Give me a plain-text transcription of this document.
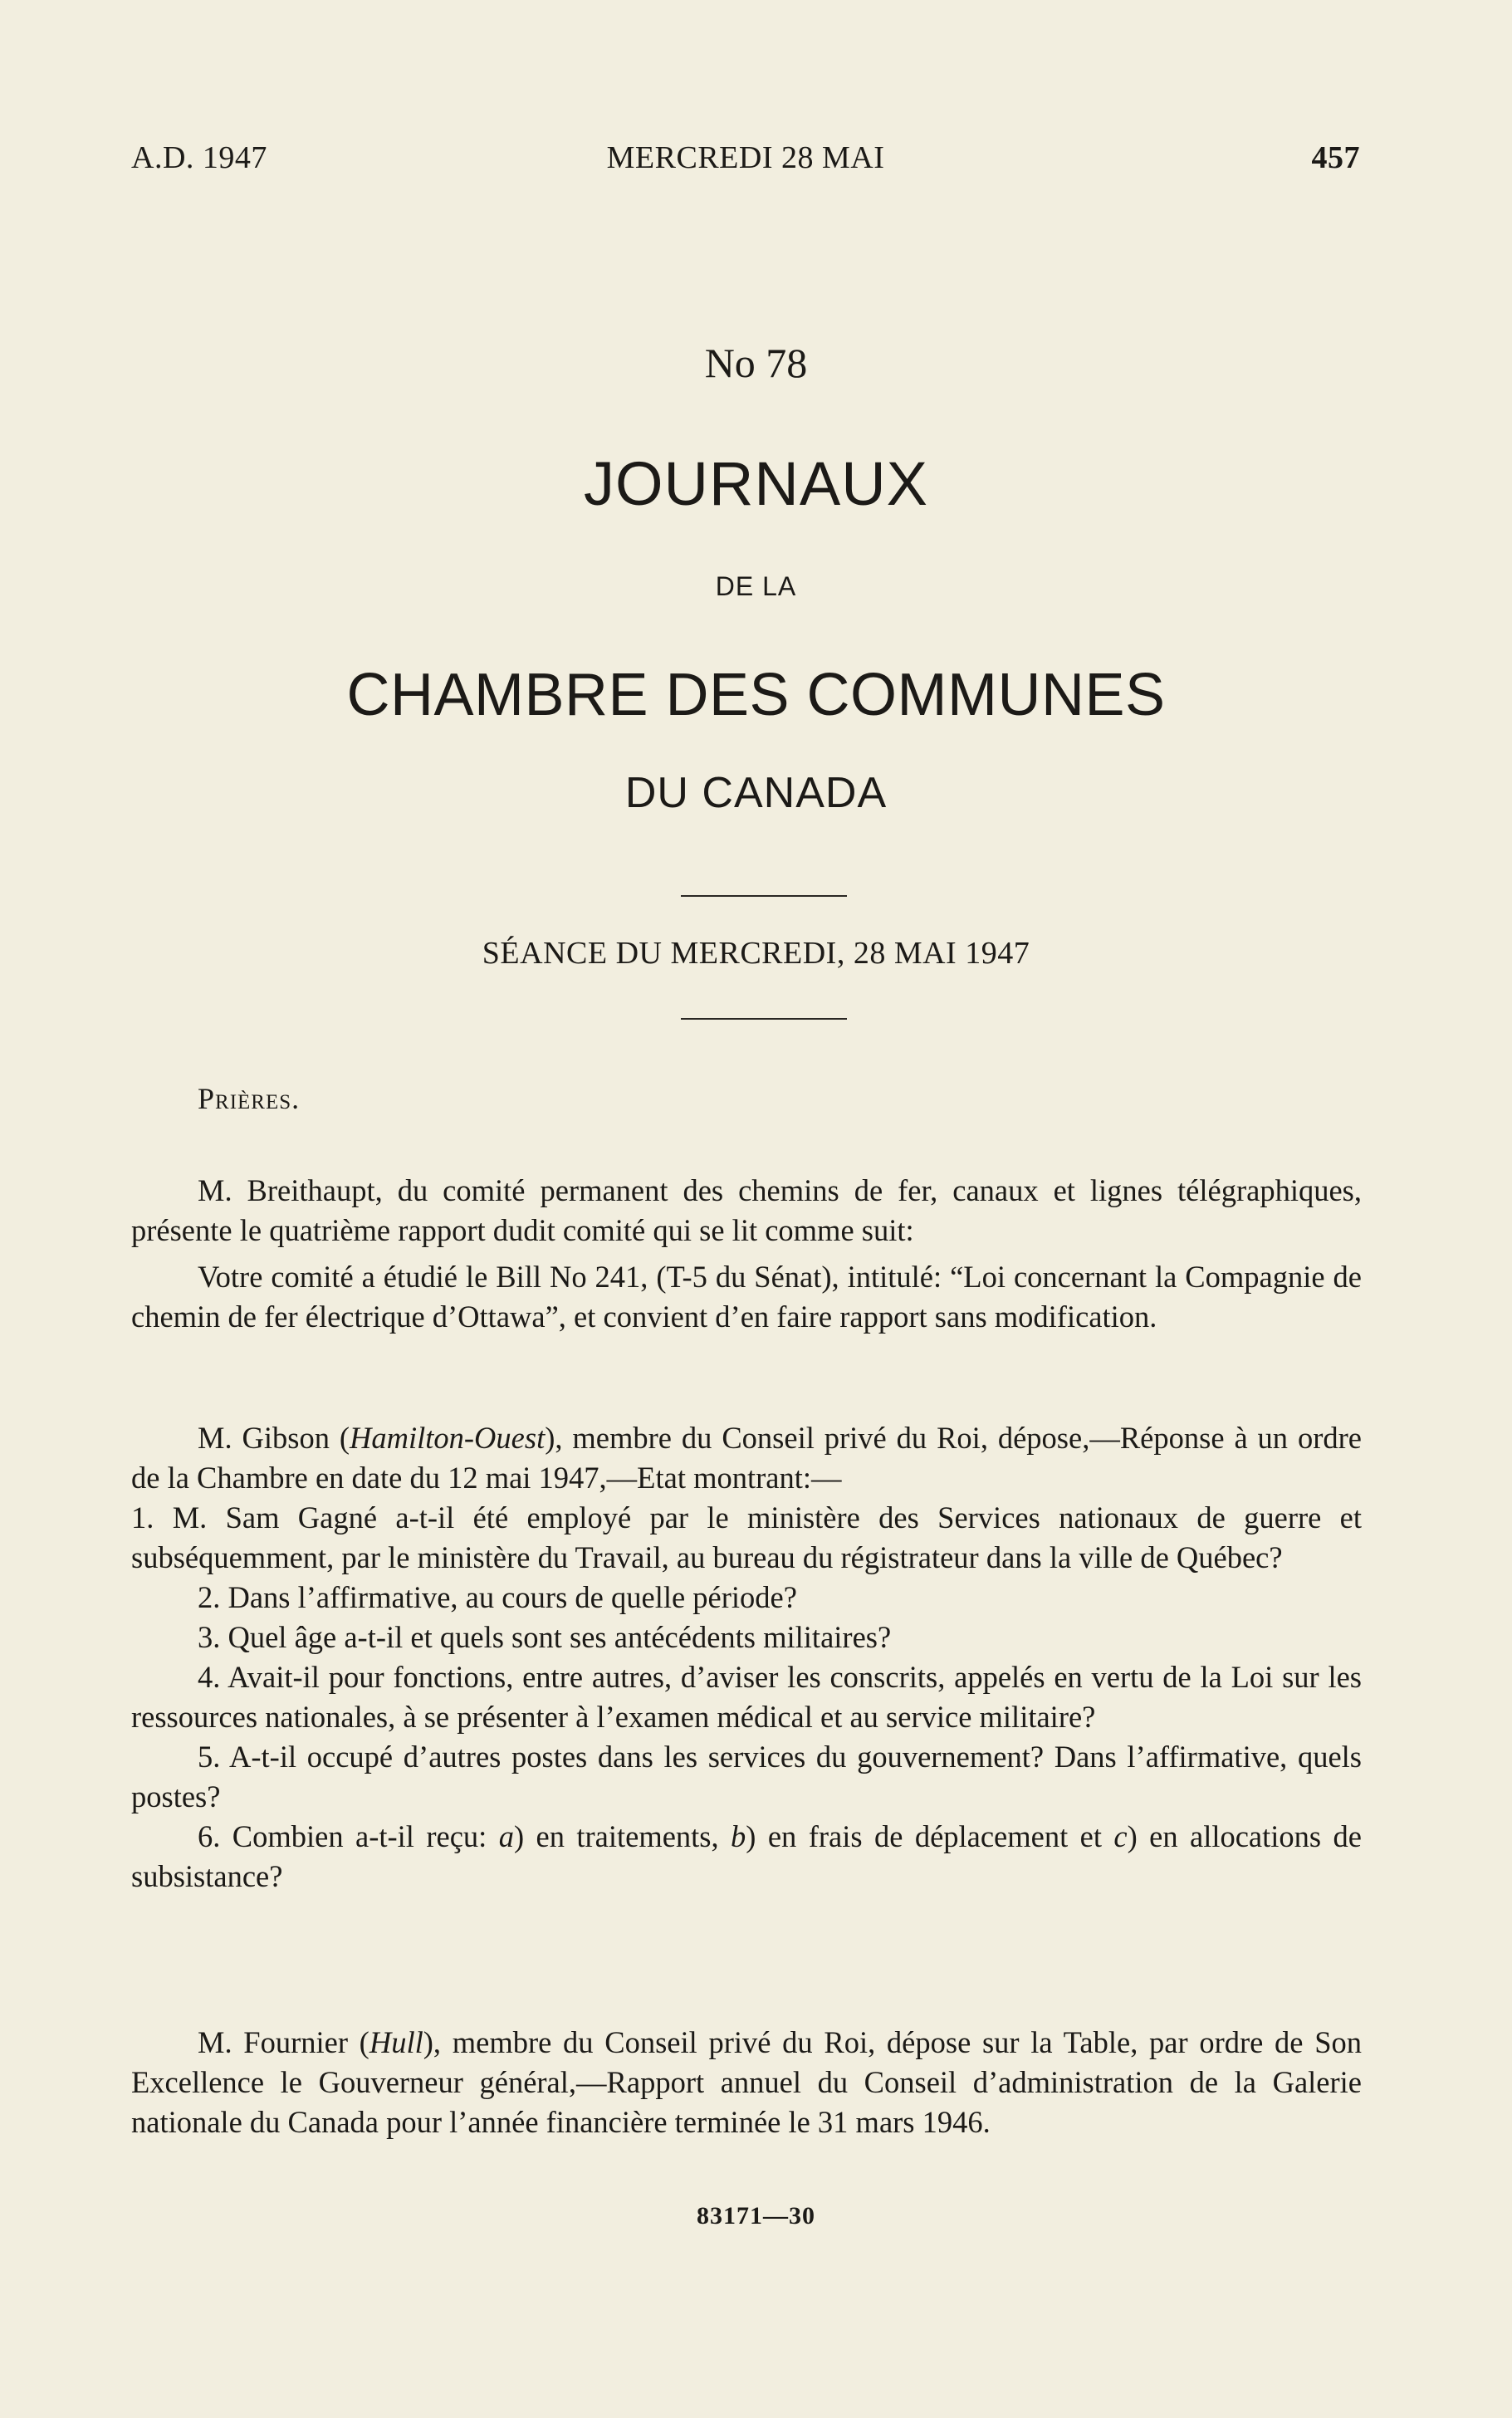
A.D. 1947	MERCREDI 28 MAI	457
No 78
JOURNAUX
DE LA
CHAMBRE DES COMMUNES
DU CANADA
SÉANCE DU MERCREDI, 28 MAI 1947
Prières.

M. Breithaupt, du comité permanent des chemins de fer, canaux et lignes télégraphiques, présente le quatrième rapport dudit comité qui se lit comme suit:

Votre comité a étudié le Bill No 241, (T-5 du Sénat), intitulé: “Loi concernant la Compagnie de chemin de fer électrique d’Ottawa”, et convient d’en faire rapport sans modification.

M. Gibson (Hamilton-Ouest), membre du Conseil privé du Roi, dépose,—Réponse à un ordre de la Chambre en date du 12 mai 1947,—Etat montrant:—

1. M. Sam Gagné a-t-il été employé par le ministère des Services nationaux de guerre et subséquemment, par le ministère du Travail, au bureau du régistrateur dans la ville de Québec?

2. Dans l’affirmative, au cours de quelle période?

3. Quel âge a-t-il et quels sont ses antécédents militaires?

4. Avait-il pour fonctions, entre autres, d’aviser les conscrits, appelés en vertu de la Loi sur les ressources nationales, à se présenter à l’examen médical et au service militaire?

5. A-t-il occupé d’autres postes dans les services du gouvernement? Dans l’affirmative, quels postes?

6. Combien a-t-il reçu: a) en traitements, b) en frais de déplacement et c) en allocations de subsistance?

M. Fournier (Hull), membre du Conseil privé du Roi, dépose sur la Table, par ordre de Son Excellence le Gouverneur général,—Rapport annuel du Conseil d’administration de la Galerie nationale du Canada pour l’année financière terminée le 31 mars 1946.

83171—30
